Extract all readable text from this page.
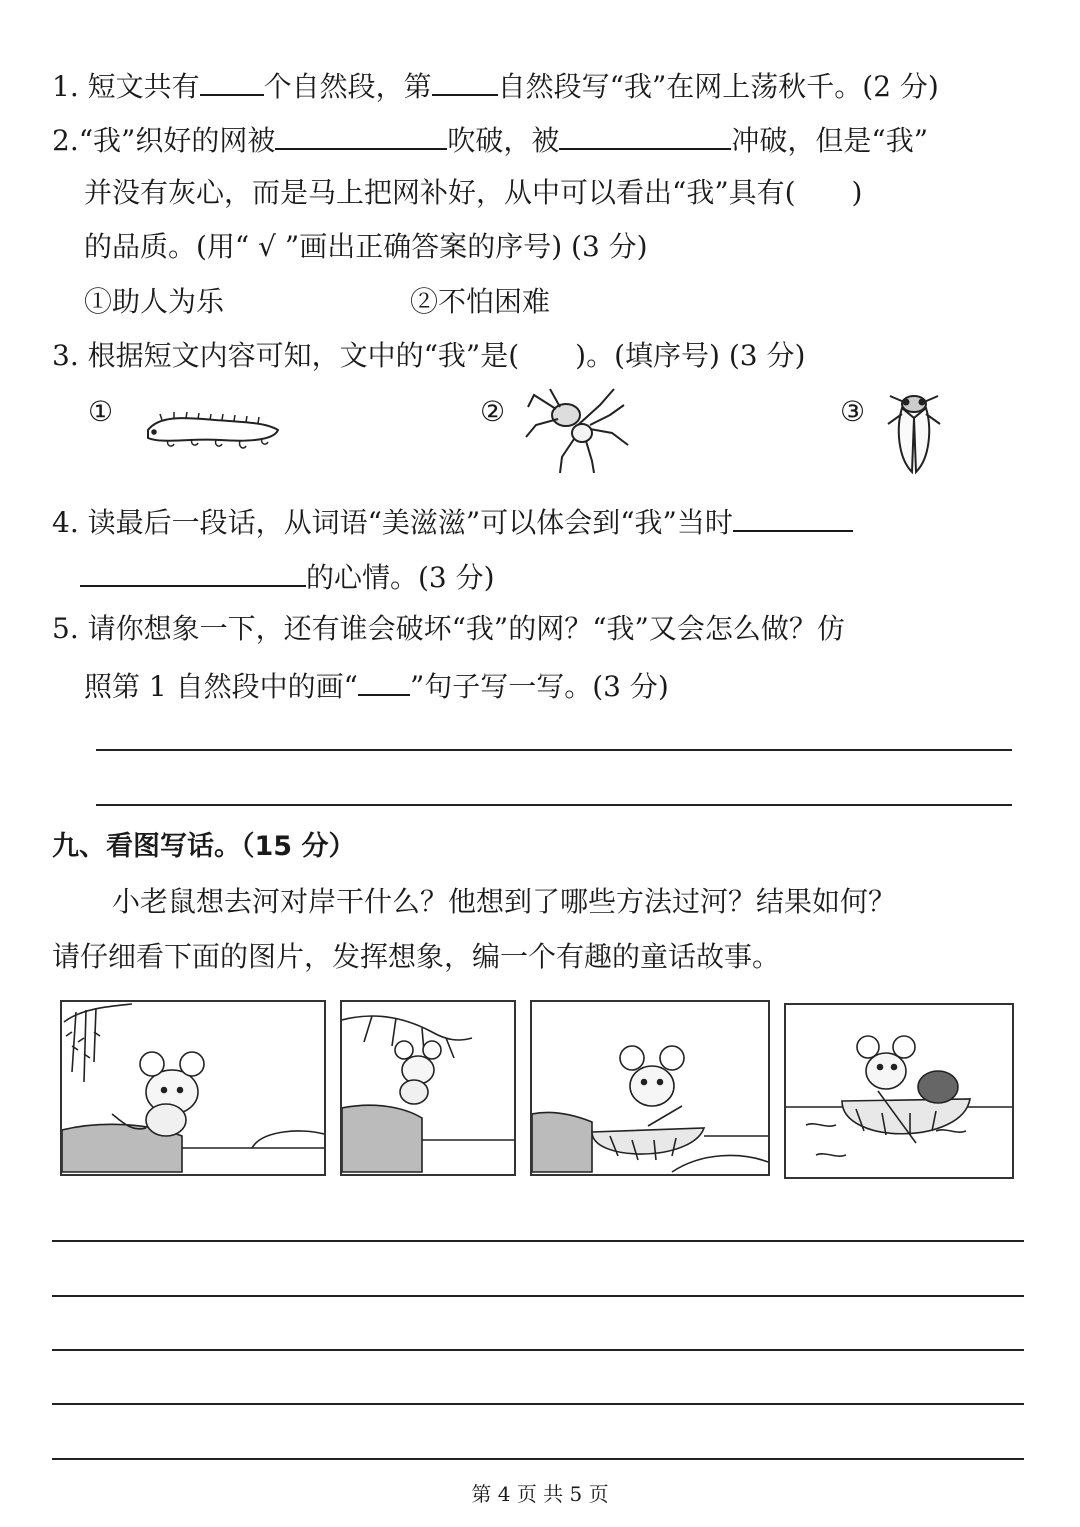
1. 短文共有 个自然段，第 自然段写“我”在网上荡秋千。(2 分)
2.“我”织好的网被	吹破，被	冲破，但是“我”
并没有灰心，而是马上把网补好，从中可以看出“我”具有(　　)
的品质。(用“ √ ”画出正确答案的序号) (3 分)
①助人为乐	②不怕困难
3. 根据短文内容可知，文中的“我”是(　　)。(填序号) (3 分)
①	②	③
4. 读最后一段话，从词语“美滋滋”可以体会到“我”当时
的心情。(3 分)
5. 请你想象一下，还有谁会破坏“我”的网？“我”又会怎么做？仿
照第 1 自然段中的画“ ”句子写一写。(3 分)
九、看图写话。（15 分）
小老鼠想去河对岸干什么？他想到了哪些方法过河？结果如何？
请仔细看下面的图片，发挥想象，编一个有趣的童话故事。
第 4 页 共 5 页
